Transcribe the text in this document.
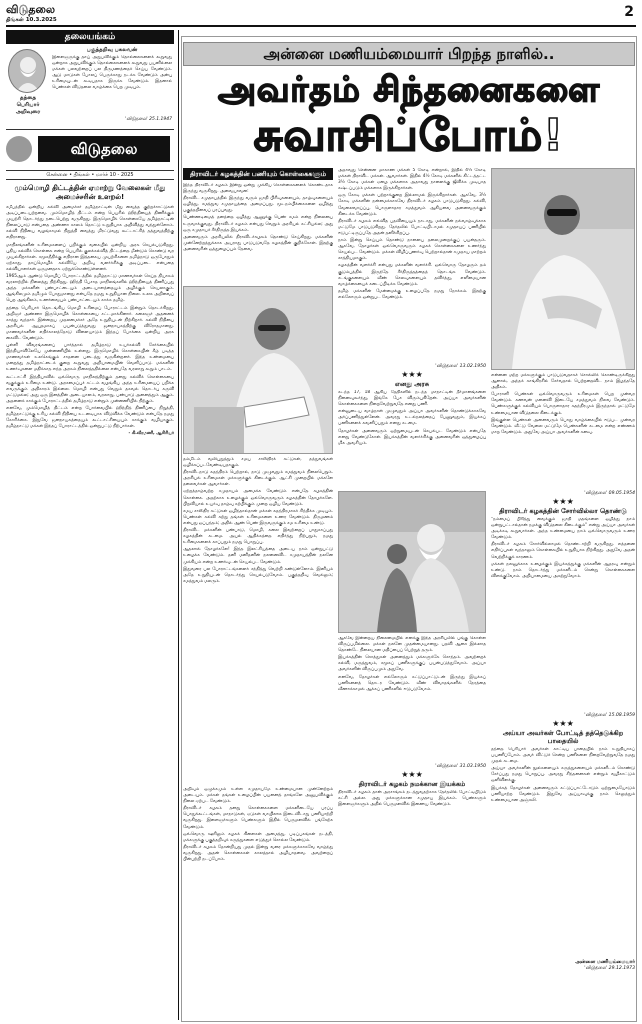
விடுதலை
திங்கள் 10.3.2025	2
தலையங்கம்
தந்தை பெரியார் அறிவுரை
பகுத்தறிவு பகலவன்
இளைஞருக்கு தாய் அறுபவிக்கும் தொல்லைகளைக் கூறுவது ஒன்றாக அறுபவிக்கும் தொல்லைகளைக் கூறுவது பயனில்லை மக்கள் பலவற்றைப் பல திருமணத்தைச் செய்ய வேண்டும். ஆடு மாடுகள் போலப் பெருக்காது நடக்க வேண்டும் அன்பு உரிமையுடன் கூடியதாக இருக்க வேண்டும். இதனால் பெண்கள் விடுதலை வாழ்க்கை பெற முடியும்.
'விடுதலை' 25.1.1947
விடுதலை
சென்னை • திங்கள் • மார்ச் 10 - 2025
மும்மொழி திட்டத்தின் ஏமாற்று வேலைகள் மீது அமைச்சரின் உளறல்!

சமீபத்தில் ஒன்றிய கல்வி அமைச்சர் தமிழ்நாட்டின் மீது வைத்த குற்றச்சாட்டுகள் அடிப்படையற்றவை. மும்மொழித் திட்டம் என்ற பெயரில் ஹிந்தியைத் திணிக்கும் முயற்சி தொடர்ந்து நடைபெற்று வருகிறது. இருமொழிக் கொள்கையே தமிழ்நாட்டின் நிலைப்பாடு என்பதை அண்ணா காலம் தொட்டு உறுதியாக அறிவித்து வந்துள்ளோம். கல்வி நிதியை வழங்காமல் நிறுத்தி வைத்து மிரட்டுவது கூட்டாட்சித் தத்துவத்திற்கு எதிரானது.

மாநிலங்களின் உரிமைகளைப் பறிக்கும் வகையில் ஒன்றிய அரசு செயல்படுகிறது. புதிய கல்விக் கொள்கை என்ற பெயரில் குலக்கல்வித் திட்டத்தை மீண்டும் கொண்டு வர முயல்கிறார்கள். சமூகநீதிக்கு எதிரான இத்தகைய முயற்சிகளை தமிழ்நாடு ஒருபோதும் ஏற்காது. தாய்மொழிக் கல்வியே அறிவு வளர்ச்சிக்கு அடிப்படை என்பதை கல்வியாளர்கள் ஒருமனதாக ஏற்றுக்கொண்டுள்ளனர்.

1965ஆம் ஆண்டு மொழிப் போராட்டத்தில் தமிழ்நாட்டு மாணவர்கள் செய்த தியாகம் வரலாற்றில் நிலைத்து நிற்கிறது. ஹிந்தி பேசாத மாநிலங்களில் ஹிந்தியைத் திணிப்பது அந்த மக்களின் பண்பாட்டையும் அடையாளத்தையும் அழிக்கும் செயலாகும். ஆங்கிலமும் தமிழும் போதுமானது என்பதே நமது உறுதியான நிலை. உலக அறிவைப் பெற ஆங்கிலம், உணர்வையும் பண்பாட்டையும் காக்க தமிழ்.

தந்தை பெரியார் தொடங்கிய மொழி உரிமைப் போராட்டம் இன்றும் தொடர்கிறது. அறிஞர் அண்ணா இருமொழிக் கொள்கையை சட்டமாக்கினார். கலைஞர் அதனைக் காத்து வந்தார். இன்றைய முதலமைச்சர் அதே உறுதியுடன் நிற்கிறார். கல்வி நிதியை அரசியல் ஆயுதமாகப் பயன்படுத்துவது ஜனநாயகத்திற்கு விரோதமானது. மாணவர்களின் எதிர்காலத்தோடு விளையாடும் இந்தப் போக்கை ஒன்றிய அரசு கைவிட வேண்டும்.

புள்ளி விவரங்களைப் பார்த்தால் தமிழ்நாடு உயர்கல்வி சேர்க்கையில் இந்தியாவிலேயே முன்னணியில் உள்ளது. இருமொழிக் கொள்கையின் கீழ் படித்த மாணவர்கள் உலகெங்கும் சாதனை படைத்து வருகின்றனர். இந்த உண்மையை மறைத்து தமிழ்நாட்டைக் குறை கூறுவது அறியாமையின் வெளிப்பாடு. மக்களின் உணர்வுகளை மதிக்காத எந்த அரசும் நிலைத்ததில்லை என்பதே வரலாறு கூறும் பாடம்.

கூட்டாட்சி இந்தியாவில் ஒவ்வொரு மாநிலத்திற்கும் தனது கல்விக் கொள்கையை வகுக்கும் உரிமை உண்டு. அரசமைப்புச் சட்டம் வழங்கிய அந்த உரிமையைப் பறிக்க எவருக்கும் அதிகாரம் இல்லை. மொழி என்பது வெறும் தகவல் தொடர்பு கருவி மட்டுமல்ல; அது ஒரு இனத்தின் அடையாளம், வரலாறு, பண்பாடு அனைத்தும் ஆகும். அதனைக் காக்கும் போராட்டத்தில் தமிழ்நாடு என்றும் முன்னணியில் நிற்கும்.

எனவே, மும்மொழித் திட்டம் என்ற போர்வையில் ஹிந்தித் திணிப்பை நிறுத்தி, தமிழ்நாட்டுக்கு உரிய கல்வி நிதியை உடனடியாக விடுவிக்க வேண்டும் என்பதே நமது கோரிக்கை. இதுவே ஜனநாயகத்தையும் கூட்டாட்சியையும் காக்கும் வழியாகும். தமிழ்நாட்டு மக்கள் இந்தப் போராட்டத்தில் ஒன்றுபட்டு நிற்பார்கள்.

- கி.வீரமணி, ஆசிரியர்

அன்னை மணியம்மையார் பிறந்த நாளில்..
அவர்தம் சிந்தனைகளை
சுவாசிப்போம்!
திராவிடர் கழகத்தின் பணியும் கொள்கைகளும்

இந்த திராவிடர் கழகம் இன்று ஒன்று முக்கிய கொள்கைகளைக் கொண்டதாக இருந்து வருகிறது. அவையாவன:

திராவிட சமுதாயத்தில் இருந்து வரும் ஜாதி பிரிவுகளையும், தாழ்வுகளையும் ஒழித்து, சமத்துவ சமுதாயத்தை அமைப்பது. மூடநம்பிக்கைகளை ஒழித்து பகுத்தறிவைப் பரப்புவது.

பெண்ணடிமைத் தனத்தை ஒழித்து ஆணுக்கு பெண் சமம் என்ற நிலையை உருவாக்குவது. திராவிடர் கழகம் என்பது வெறும் அரசியல் கட்சியல்ல; அது ஒரு சமுதாயச் சீர்திருத்த இயக்கம்.

அனைவரும் அரசியலில் திராவிடர்கழகம் தொண்டு செய்கிறது. மக்களின் முன்னேற்றத்துக்காக அயராது பாடுபடுவதே கழகத்தின் குறிக்கோள். இதற்கு அனைவரின் ஒத்துழைப்பும் தேவை.

தம்மிடம் வலியுறுத்தும் சமய சாஸ்திரக் கட்டுகள், தத்துவங்கள் ஒழிக்கப்படவேண்டியதாகும்.

திராவிடநாடு சுதந்திரம் பெற்றால், நாடு முழுவதும் சமத்துவம் நிலைபெறும். அரசியல் உரிமைகள் மக்களுக்குக் கிடைக்கும். ஆட்சி முறையில் மக்களே தலைவர்கள் ஆவார்கள்.

ஏற்றத்தாழ்வற்ற சமுதாயம் அமைக்க வேண்டும் என்பதே கழகத்தின் கொள்கை. அதற்காக உழைக்கும் ஒவ்வொருவரும் கழகத்தின் தோழர்களே. பிறவியால் உயர்வு தாழ்வு கற்பிக்கும் முறை ஒழிய வேண்டும்.

சமய சாஸ்திர கட்டுகள் ஒழிந்தால்தான் மக்கள் சுதந்திரமாகச் சிந்திக்க முடியும். பெண்கள் கல்வி கற்று தங்கள் உரிமைகளை உணர வேண்டும். திருமணம் என்பது ஒப்பந்தம்; அதில் ஆண் பெண் இருவருக்கும் சம உரிமை உண்டு.

திராவிட மக்களின் பண்பாடு, மொழி, கலை இவற்றைப் பாதுகாப்பது கழகத்தின் கடமை. அயல் ஆதிக்கத்தை எதிர்த்து நிற்பதும், நமது உரிமைகளைக் காப்பதும் நமது பொறுப்பு.

ஆதலால் தோழர்களே! இந்த இலட்சியத்தை அடைய நாம் ஒன்றுபட்டு உழைக்க வேண்டும். தனி மனிதனின் நலனைவிட சமுதாயத்தின் நலனே முக்கியம் என்ற உணர்வுடன் செயல்பட வேண்டும்.

இதுவரை பல போராட்டங்களைச் சந்தித்து வெற்றி கண்டுள்ளோம். இனியும் அதே உறுதியுடன் தொடர்ந்து செயல்படுவோம். பகுத்தறிவு வெல்லும்; சமத்துவம் மலரும்.

அறிவும் ஒழுக்கமும் உள்ள சமுதாயமே உண்மையான முன்னேற்றம் அடையும். மக்கள் தங்கள் உழைப்பின் பயனைத் தாங்களே அனுபவிக்கும் நிலை ஏற்பட வேண்டும்.

திராவிடர் கழகம் தனது கொள்கைகளை மக்களிடையே பரப்ப பொதுக்கூட்டங்கள், மாநாடுகள், ஏடுகள் வாயிலாக இடைவிடாது பணியாற்றி வருகிறது. இளைஞர்களும் பெண்களும் இதில் பெருமளவில் பங்கேற்க வேண்டும்.

ஒவ்வொரு ஊரிலும் கழகக் கிளைகள் அமைத்து, படிப்பகங்கள் நடத்தி, மக்களுக்கு பகுத்தறிவுக் கருத்துகளை எடுத்துச் சொல்ல வேண்டும்.

திராவிடர் கழகம் தோன்றியது முதல் இன்று வரை மக்களுக்காகவே வாழ்ந்து வருகிறது. அதன் கொள்கைகள் காலத்தால் அழியாதவை. அவற்றைப் பின்பற்றி நடப்போம்.

அதாவது சென்னை மாகாண மக்கள் 5 கோடி என்றால், இதில் 4½ கோடி மக்கள் திராவிட மக்கள். ஆவார்கள். இதில் 4½ கோடி மக்களில் கிட்டத்தட்ட 3½ கோடி மக்கள் ஏழை மக்களாக அதாவது நாளைக்கு ஜீவிக்க முடியாத கஷ்டப்படும் மக்களாக இருக்கிறார்கள்.

ஒரு கோடி மக்கள் பற்றாக்குறை இல்லாமல் இருக்கிறார்கள். ஆகவே, 3½ கோடி மக்களின் நன்மைக்காகவே திராவிடர் கழகம் பாடுபடுகிறது. கல்வி, வேலைவாய்ப்பு, பொருளாதார சமத்துவம் ஆகியவை அனைவருக்கும் கிடைக்க வேண்டும்.

திராவிடர் கழகம் எவ்வித பதவியையும் நாடாது, மக்களின் நல்வாழ்வுக்காக மட்டுமே பாடுபடுகிறது. தேர்தலில் போட்டியிடாமல் சமுதாயப் பணியில் ஈடுபட்டிருப்பதே அதன் தனிச்சிறப்பு.

நாம் இன்று செய்யும் தொண்டு நாளைய தலைமுறைக்குப் பயன்தரும். ஆகவே, தோழர்கள் ஒவ்வொருவரும் கழகக் கொள்கைகளை உணர்ந்து செயல்பட வேண்டும். மக்கள் விழிப்புணர்வு பெற்றால்தான் சமுதாய மாற்றம் சாத்தியமாகும்.

கழகத்தின் வளர்ச்சி என்பது மக்களின் வளர்ச்சி. ஒவ்வொரு தோழரும் தம் குடும்பத்தில் இருந்தே சீர்திருத்தத்தைத் தொடங்க வேண்டும். சடங்குகளையும் வீண் செலவுகளையும் தவிர்த்து, எளிமையான வாழ்க்கையைக் கடைப்பிடிக்க வேண்டும்.

தமிழ் மக்களின் மேன்மைக்கு உழைப்பதே நமது நோக்கம். இதற்கு எல்லோரும் ஒன்றுபட வேண்டும்.

'விடுதலை' 13.02.1950
★★★
எனது அரசு

கடந்த 17, 18 ஆகிய தேதிகளில் நடந்த மாநாட்டின் தீர்மானங்களை நினைவுகூர்ந்து, இங்கே பேச விரும்புகிறேன். அய்யா அவர்களின் கொள்கைகளை நிறைவேற்றுவதே எனது பணி.

என்னுடைய வாழ்நாள் முழுவதும் அய்யா அவர்களின் தொண்டுக்காகவே அர்ப்பணித்துள்ளேன். அவரது உடல்நலத்தைப் பேணுவதும், இயக்கப் பணிகளைக் கவனிப்பதும் எனது கடமை.

தோழர்கள் அனைவரும் ஒற்றுமையுடன் செயல்பட வேண்டும் என்பதே எனது வேண்டுகோள். இயக்கத்தின் வளர்ச்சிக்கு அனைவரின் ஒத்துழைப்பு மிக அவசியம்.

ஆகவே இன்றைய நிலைமையில் எனக்கு இந்த அரசியலில் பங்கு கொள்ள விருப்பமில்லை. மக்கள் நலனே முதன்மையானது. பதவி ஆசை இல்லாத தொண்டே நிலையான மதிப்பைப் பெற்றுத் தரும்.

இயக்கத்தின் சொத்துகள் அனைத்தும் மக்களுக்கே சொந்தம். அவற்றைக் கல்வி, மருத்துவம், சமூகப் பணிகளுக்குப் பயன்படுத்துவோம். அய்யா அவர்களின் விருப்பமும் அதுவே.

எனவே, தோழர்கள் எல்லோரும் கட்டுப்பாட்டுடன் இருந்து இயக்கப் பணிகளைத் தொடர வேண்டும். வீண் விவாதங்களில் நேரத்தை வீணாக்காமல் ஆக்கப் பணிகளில் ஈடுபடுவோம்.

'விடுதலை' 31.03.1950
★★★
திராவிடர் கழகம் நமக்கான இயக்கம்

திராவிடர் கழகம் தான் அரசாங்கம் நடத்துவதற்காக தேர்தலில் போட்டியிடும் கட்சி அல்ல. அது மக்களுக்கான சமுதாய இயக்கம். பெண்களும் இளைஞர்களும் அதில் பெருமளவில் இணைய வேண்டும்.

என்னை மற்ற மக்களுக்கும் பாடுபடுவதாகச் சொல்லிக் கொண்டிருக்கிறது ஆனால், அந்தக் காங்கிரசில் சேர்வதால் பெற்றதைவிட நாம் இழந்ததே அதிகம்.

போராளி பெண்கள் ஒவ்வொருவரும் உரிமைகள் பெற முன்வர வேண்டும். கணவன் மனைவி இடையே சமத்துவம் நிலவ வேண்டும். பெண்களுக்குக் கல்வியும் பொருளாதார சுதந்திரமும் இருந்தால் மட்டுமே உண்மையான விடுதலை கிடைக்கும்.

இங்குள்ள பெண்கள் அனைவரும் பொது வாழ்க்கையில் ஈடுபட முன்வர வேண்டும். வீட்டு வேலை மட்டுமே பெண்களின் கடமை என்ற எண்ணம் மாற வேண்டும். அதுவே அய்யா அவர்களின் கனவு.

'விடுதலை' 09.05.1954
★★★
திராவிடர் கழகத்தின் சோர்வில்லா தொண்டு

"நம்மைப் பிரித்து வைக்கும் ஜாதி மதங்களை ஒழித்து நாம் ஒன்றுபட்டால்தான் நமக்கு விடுதலை கிடைக்கும்" என்று அய்யா அவர்கள் அடிக்கடி கூறுவார்கள். அந்த உண்மையை நாம் ஒவ்வொருவரும் உணர வேண்டும்.

திராவிடர் கழகம் சோர்வில்லாமல் தொண்டாற்றி வருகிறது. எத்தனை எதிர்ப்புகள் வந்தாலும் கொள்கையில் உறுதியாக நிற்கிறது. அதுவே அதன் வெற்றிக்குக் காரணம்.

மக்கள் நலனுக்காக உழைக்கும் இயக்கத்துக்கு மக்களின் ஆதரவு என்றும் உண்டு. நாம் தொடர்ந்து மக்களிடம் சென்று கொள்கைகளை விளக்குவோம். அறியாமையை அகற்றுவோம்.

'விடுதலை' 15.08.1959
★★★
அய்யா அவர்கள் போட்டித் தத்தெடுக்கிற பாதையில்

தந்தை பெரியார் அவர்கள் காட்டிய பாதையில் நாம் உறுதியாகப் பயணிப்போம். அவர் விட்டுச் சென்ற பணிகளை நிறைவேற்றுவதே நமது முதல் கடமை.

அய்யா அவர்களின் நூல்களையும் கருத்துகளையும் மக்களிடம் கொண்டு சேர்ப்பது நமது பொறுப்பு. அவரது சிந்தனைகள் என்றும் வழிகாட்டும் ஒளிவிளக்கு.

இயக்கத் தோழர்கள் அனைவரும் கட்டுப்பாட்டோடும் ஒற்றுமையோடும் பணியாற்ற வேண்டும். இதுவே அய்யாவுக்கு நாம் செலுத்தும் உண்மையான அஞ்சலி.

அன்னை மணியம்மையார்
'விடுதலை' 29.12.1973
